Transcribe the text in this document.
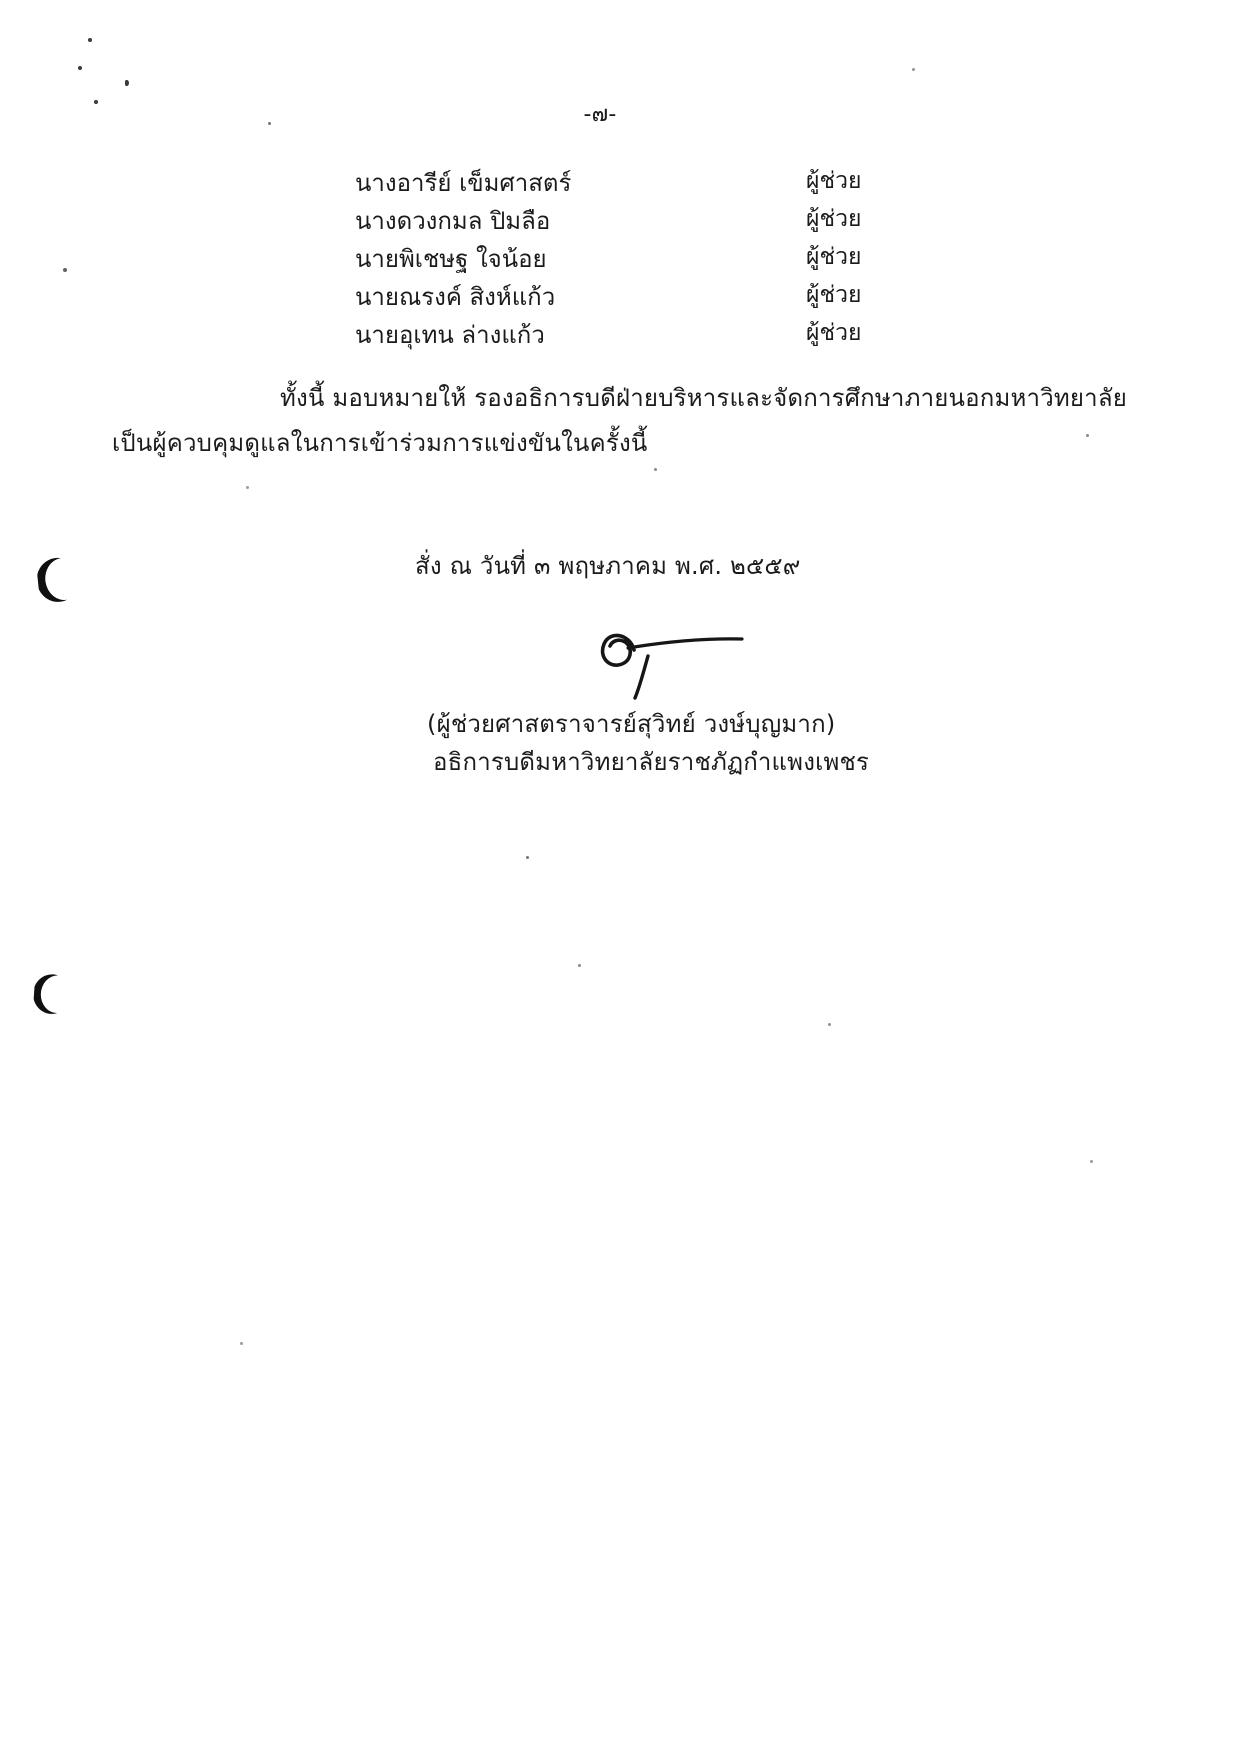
-๗-
นางอารีย์ เข็มศาสตร์	ผู้ช่วย
นางดวงกมล ปิมลือ	ผู้ช่วย
นายพิเชษฐ ใจน้อย	ผู้ช่วย
นายณรงค์ สิงห์แก้ว	ผู้ช่วย
นายอุเทน ล่างแก้ว	ผู้ช่วย
ทั้งนี้ มอบหมายให้ รองอธิการบดีฝ่ายบริหารและจัดการศึกษาภายนอกมหาวิทยาลัย
เป็นผู้ควบคุมดูแลในการเข้าร่วมการแข่งขันในครั้งนี้
สั่ง ณ วันที่ ๓ พฤษภาคม พ.ศ. ๒๕๕๙
(ผู้ช่วยศาสตราจารย์สุวิทย์ วงษ์บุญมาก)
อธิการบดีมหาวิทยาลัยราชภัฏกำแพงเพชร
